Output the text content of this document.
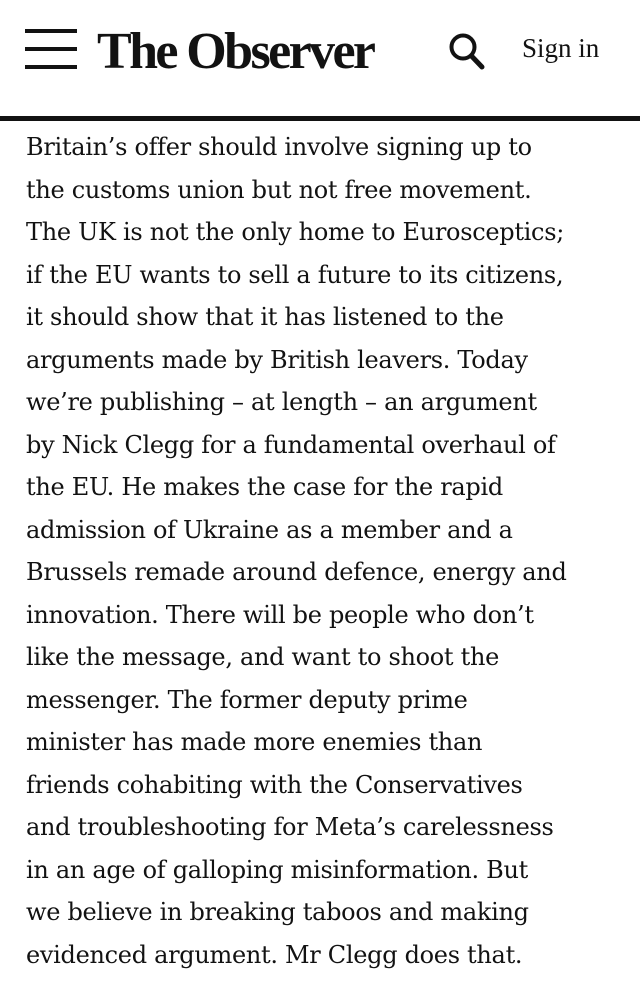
The Observer	Sign in
Britain’s offer should involve signing up to
the customs union but not free movement.
The UK is not the only home to Eurosceptics;
if the EU wants to sell a future to its citizens,
it should show that it has listened to the
arguments made by British leavers. Today
we’re publishing – at length – an argument
by Nick Clegg for a fundamental overhaul of
the EU. He makes the case for the rapid
admission of Ukraine as a member and a
Brussels remade around defence, energy and
innovation. There will be people who don’t
like the message, and want to shoot the
messenger. The former deputy prime
minister has made more enemies than
friends cohabiting with the Conservatives
and troubleshooting for Meta’s carelessness
in an age of galloping misinformation. But
we believe in breaking taboos and making
evidenced argument. Mr Clegg does that.
